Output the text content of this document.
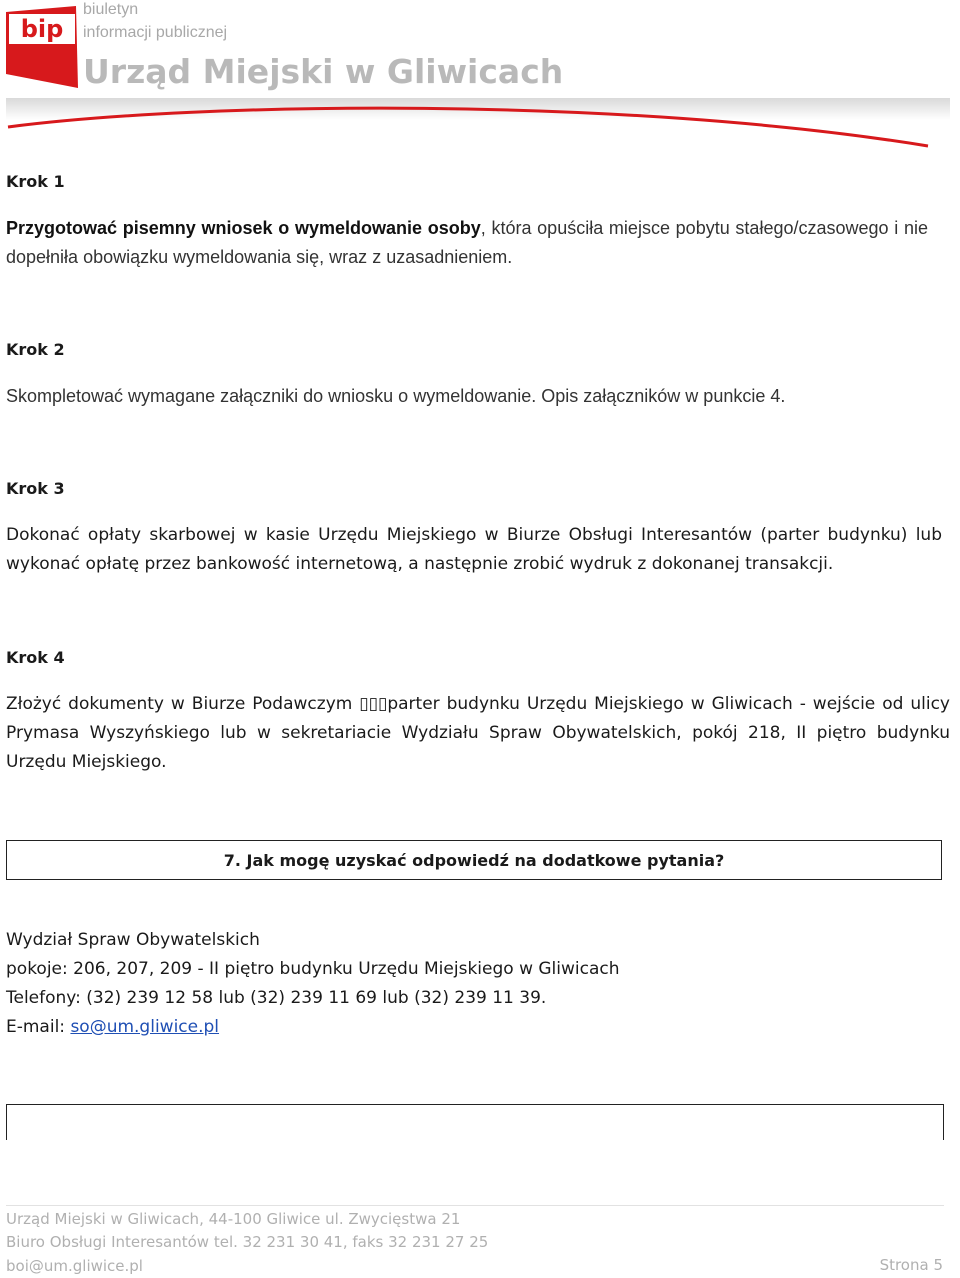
bip
biuletyn
informacji publicznej
Urząd Miejski w Gliwicach
Krok 1
Przygotować pisemny wniosek o wymeldowanie osoby, która opuściła miejsce pobytu stałego/czasowego i nie dopełniła obowiązku wymeldowania się, wraz z uzasadnieniem.
Krok 2
Skompletować wymagane załączniki do wniosku o wymeldowanie. Opis załączników w punkcie 4.
Krok 3
Dokonać opłaty skarbowej w kasie Urzędu Miejskiego w Biurze Obsługi Interesantów (parter budynku) lub wykonać opłatę przez bankowość internetową, a następnie zrobić wydruk z dokonanej transakcji.
Krok 4
Złożyć dokumenty w Biurze Podawczym ▯▯▯parter budynku Urzędu Miejskiego w Gliwicach - wejście od ulicy Prymasa Wyszyńskiego lub w sekretariacie Wydziału Spraw Obywatelskich, pokój 218, II piętro budynku Urzędu Miejskiego.
7. Jak mogę uzyskać odpowiedź na dodatkowe pytania?
Wydział Spraw Obywatelskich
pokoje: 206, 207, 209 - II piętro budynku Urzędu Miejskiego w Gliwicach
Telefony: (32) 239 12 58 lub (32) 239 11 69 lub (32) 239 11 39.
E-mail: so@um.gliwice.pl
Urząd Miejski w Gliwicach, 44-100 Gliwice ul. Zwycięstwa 21
Biuro Obsługi Interesantów tel. 32 231 30 41, faks 32 231 27 25
boi@um.gliwice.pl	Strona 5
